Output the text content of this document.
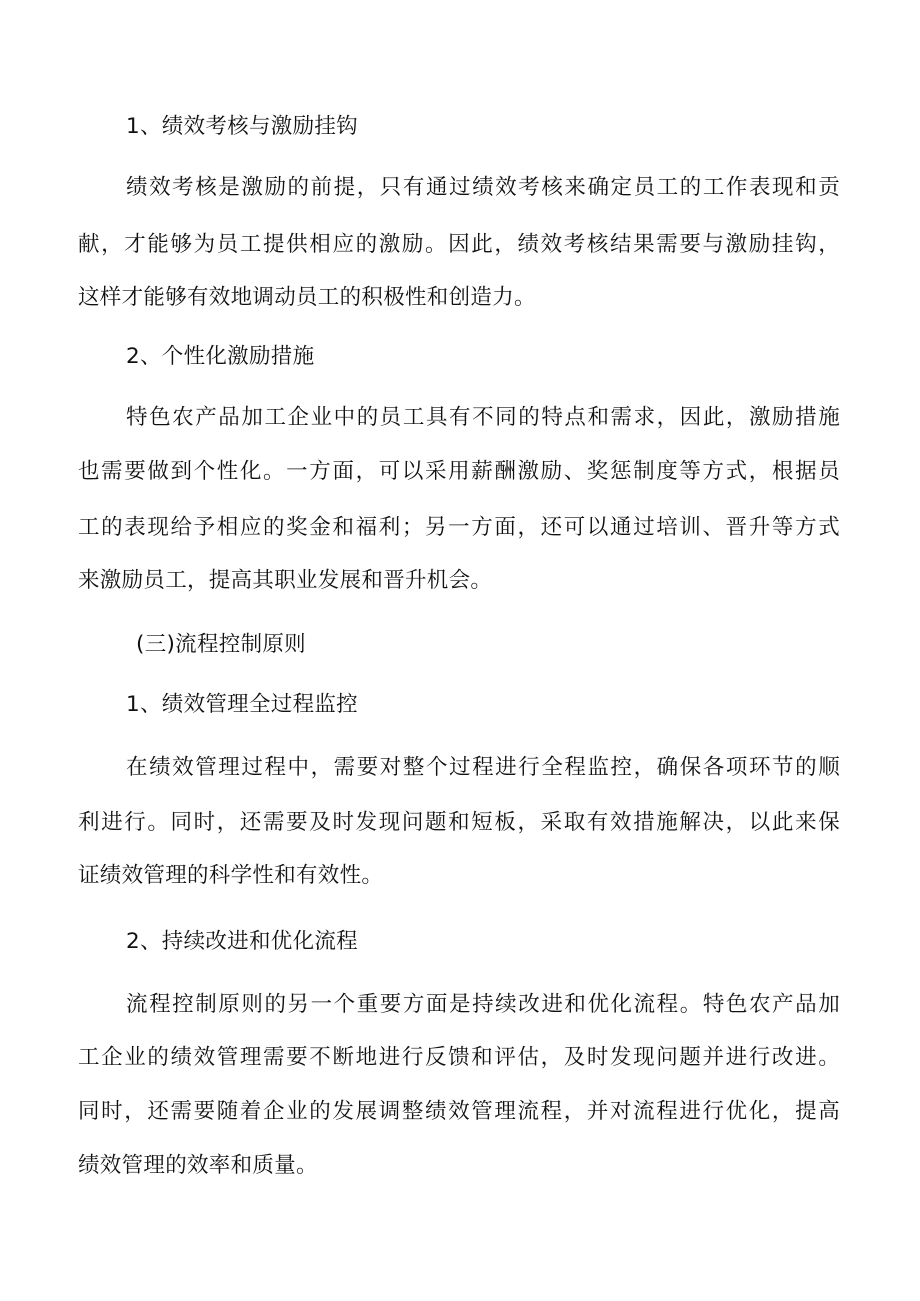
1、绩效考核与激励挂钩
绩效考核是激励的前提，只有通过绩效考核来确定员工的工作表现和贡
献，才能够为员工提供相应的激励。因此，绩效考核结果需要与激励挂钩，
这样才能够有效地调动员工的积极性和创造力。
2、个性化激励措施
特色农产品加工企业中的员工具有不同的特点和需求，因此，激励措施
也需要做到个性化。一方面，可以采用薪酬激励、奖惩制度等方式，根据员
工的表现给予相应的奖金和福利；另一方面，还可以通过培训、晋升等方式
来激励员工，提高其职业发展和晋升机会。
(三)流程控制原则
1、绩效管理全过程监控
在绩效管理过程中，需要对整个过程进行全程监控，确保各项环节的顺
利进行。同时，还需要及时发现问题和短板，采取有效措施解决，以此来保
证绩效管理的科学性和有效性。
2、持续改进和优化流程
流程控制原则的另一个重要方面是持续改进和优化流程。特色农产品加
工企业的绩效管理需要不断地进行反馈和评估，及时发现问题并进行改进。
同时，还需要随着企业的发展调整绩效管理流程，并对流程进行优化，提高
绩效管理的效率和质量。
